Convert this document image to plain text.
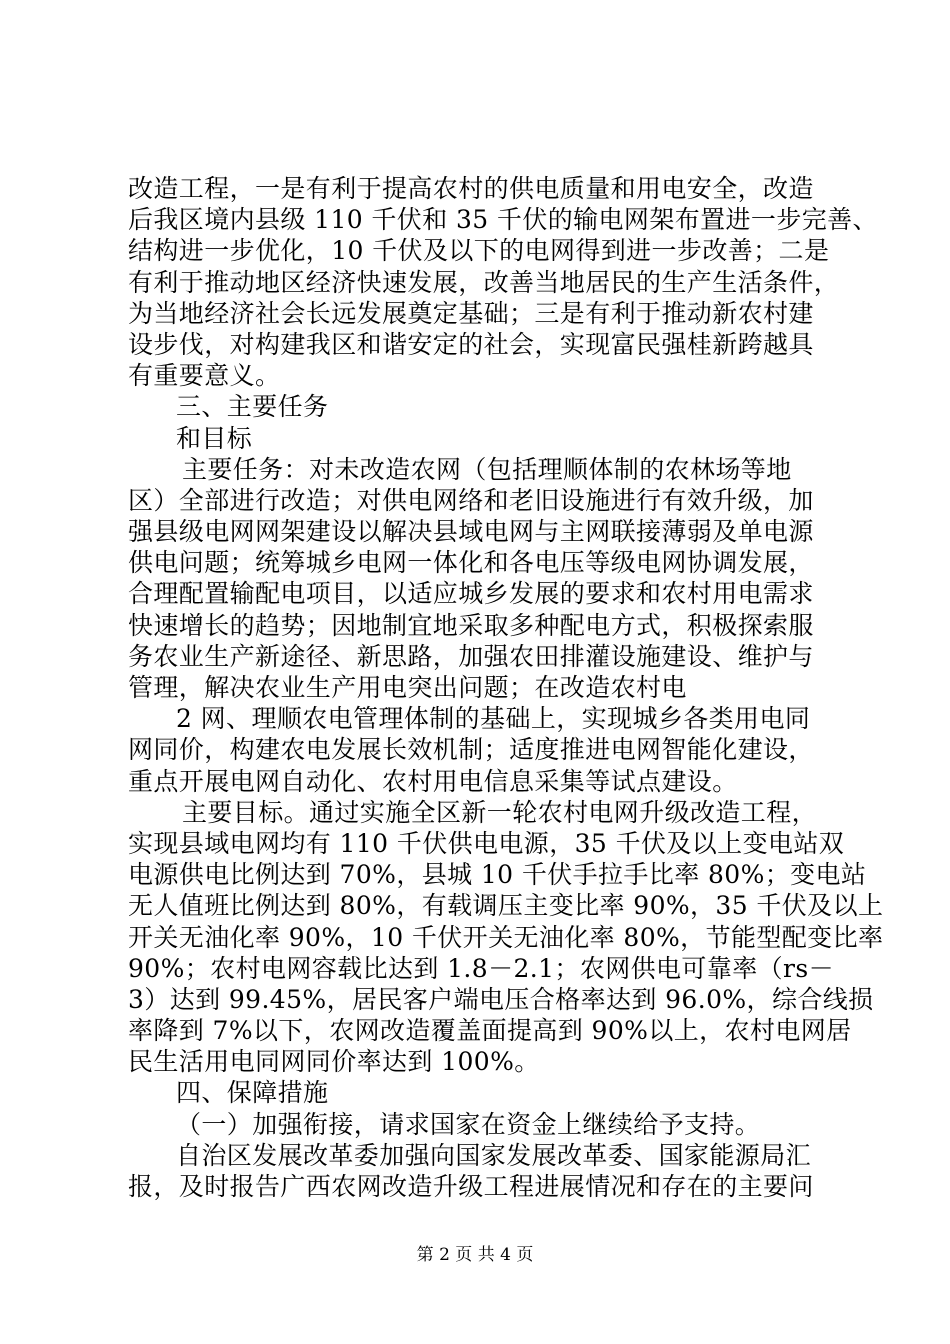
改造工程，一是有利于提高农村的供电质量和用电安全，改造
后我区境内县级 110 千伏和 35 千伏的输电网架布置进一步完善、
结构进一步优化，10 千伏及以下的电网得到进一步改善；二是
有利于推动地区经济快速发展，改善当地居民的生产生活条件，
为当地经济社会长远发展奠定基础；三是有利于推动新农村建
设步伐，对构建我区和谐安定的社会，实现富民强桂新跨越具
有重要意义。
三、主要任务
和目标
主要任务：对未改造农网（包括理顺体制的农林场等地
区）全部进行改造；对供电网络和老旧设施进行有效升级，加
强县级电网网架建设以解决县域电网与主网联接薄弱及单电源
供电问题；统筹城乡电网一体化和各电压等级电网协调发展，
合理配置输配电项目，以适应城乡发展的要求和农村用电需求
快速增长的趋势；因地制宜地采取多种配电方式，积极探索服
务农业生产新途径、新思路，加强农田排灌设施建设、维护与
管理，解决农业生产用电突出问题；在改造农村电
2 网、理顺农电管理体制的基础上，实现城乡各类用电同
网同价，构建农电发展长效机制；适度推进电网智能化建设，
重点开展电网自动化、农村用电信息采集等试点建设。
主要目标。通过实施全区新一轮农村电网升级改造工程，
实现县域电网均有 110 千伏供电电源，35 千伏及以上变电站双
电源供电比例达到 70%，县城 10 千伏手拉手比率 80%；变电站
无人值班比例达到 80%，有载调压主变比率 90%，35 千伏及以上
开关无油化率 90%，10 千伏开关无油化率 80%，节能型配变比率
90%；农村电网容载比达到 1.8－2.1；农网供电可靠率（rs－
3）达到 99.45%，居民客户端电压合格率达到 96.0%，综合线损
率降到 7%以下，农网改造覆盖面提高到 90%以上，农村电网居
民生活用电同网同价率达到 100%。
四、保障措施
（一）加强衔接，请求国家在资金上继续给予支持。
自治区发展改革委加强向国家发展改革委、国家能源局汇
报，及时报告广西农网改造升级工程进展情况和存在的主要问
第 2 页 共 4 页
